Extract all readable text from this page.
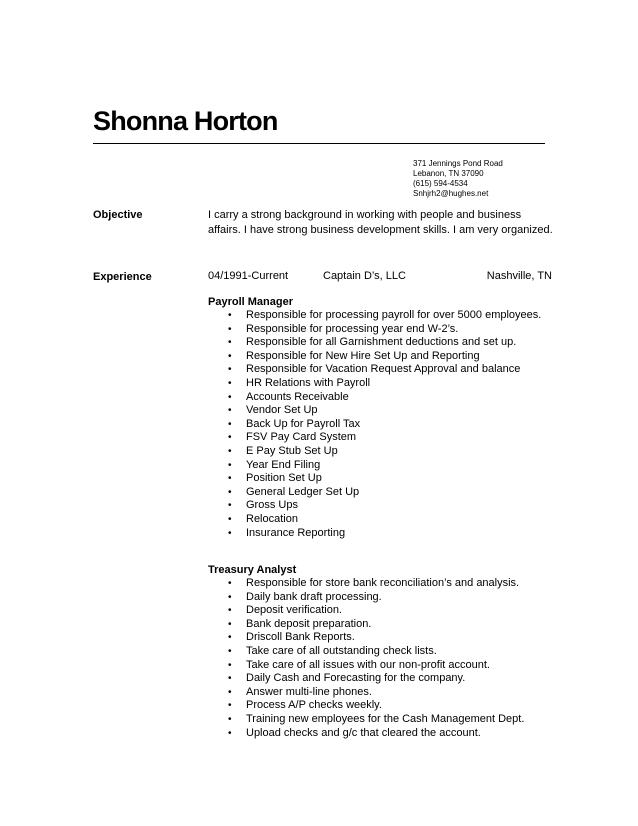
Shonna Horton
371 Jennings Pond Road
Lebanon, TN 37090
(615) 594-4534
Snhjrh2@hughes.net
Objective	I carry a strong background in working with people and business affairs. I have strong business development skills. I am very organized.
Experience	04/1991-Current	Captain D’s, LLC	Nashville, TN
Payroll Manager
• Responsible for processing payroll for over 5000 employees.
• Responsible for processing year end W-2’s.
• Responsible for all Garnishment deductions and set up.
• Responsible for New Hire Set Up and Reporting
• Responsible for Vacation Request Approval and balance
• HR Relations with Payroll
• Accounts Receivable
• Vendor Set Up
• Back Up for Payroll Tax
• FSV Pay Card System
• E Pay Stub Set Up
• Year End Filing
• Position Set Up
• General Ledger Set Up
• Gross Ups
• Relocation
• Insurance Reporting
Treasury Analyst
• Responsible for store bank reconciliation’s and analysis.
• Daily bank draft processing.
• Deposit verification.
• Bank deposit preparation.
• Driscoll Bank Reports.
• Take care of all outstanding check lists.
• Take care of all issues with our non-profit account.
• Daily Cash and Forecasting for the company.
• Answer multi-line phones.
• Process A/P checks weekly.
• Training new employees for the Cash Management Dept.
• Upload checks and g/c that cleared the account.
